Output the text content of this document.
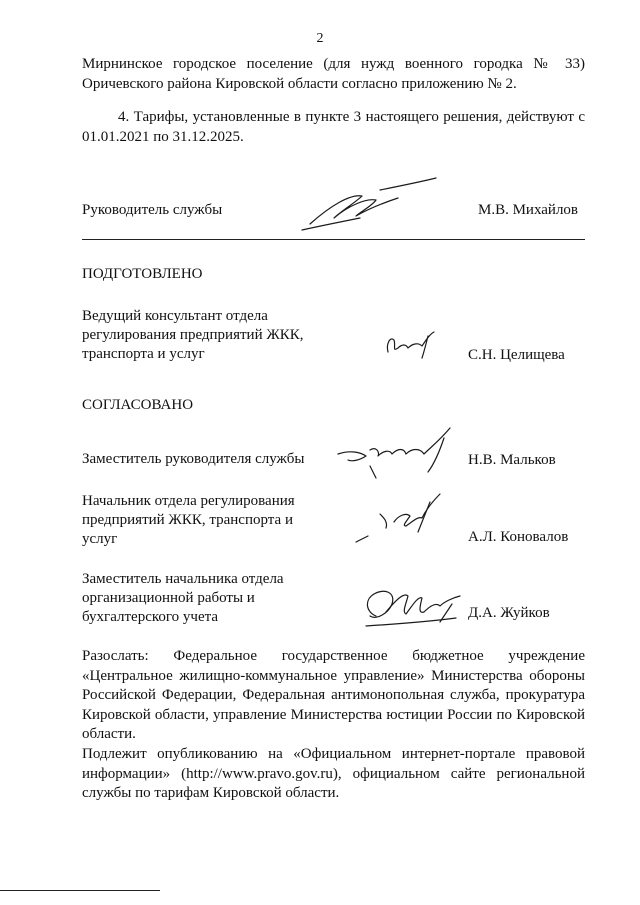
2
Мирнинское городское поселение (для нужд военного городка № 33) Оричевского района Кировской области согласно приложению № 2.
4. Тарифы, установленные в пункте 3 настоящего решения, действуют с 01.01.2021 по 31.12.2025.
Руководитель службы	М.В. Михайлов
ПОДГОТОВЛЕНО
Ведущий консультант отдела регулирования предприятий ЖКК, транспорта и услуг	С.Н. Целищева
СОГЛАСОВАНО
Заместитель руководителя службы	Н.В. Мальков
Начальник отдела регулирования предприятий ЖКК, транспорта и услуг	А.Л. Коновалов
Заместитель начальника отдела организационной работы и бухгалтерского учета	Д.А. Жуйков
Разослать: Федеральное государственное бюджетное учреждение «Центральное жилищно-коммунальное управление» Министерства обороны Российской Федерации, Федеральная антимонопольная служба, прокуратура Кировской области, управление Министерства юстиции России по Кировской области.
Подлежит опубликованию на «Официальном интернет-портале правовой информации» (http://www.pravo.gov.ru), официальном сайте региональной службы по тарифам Кировской области.
